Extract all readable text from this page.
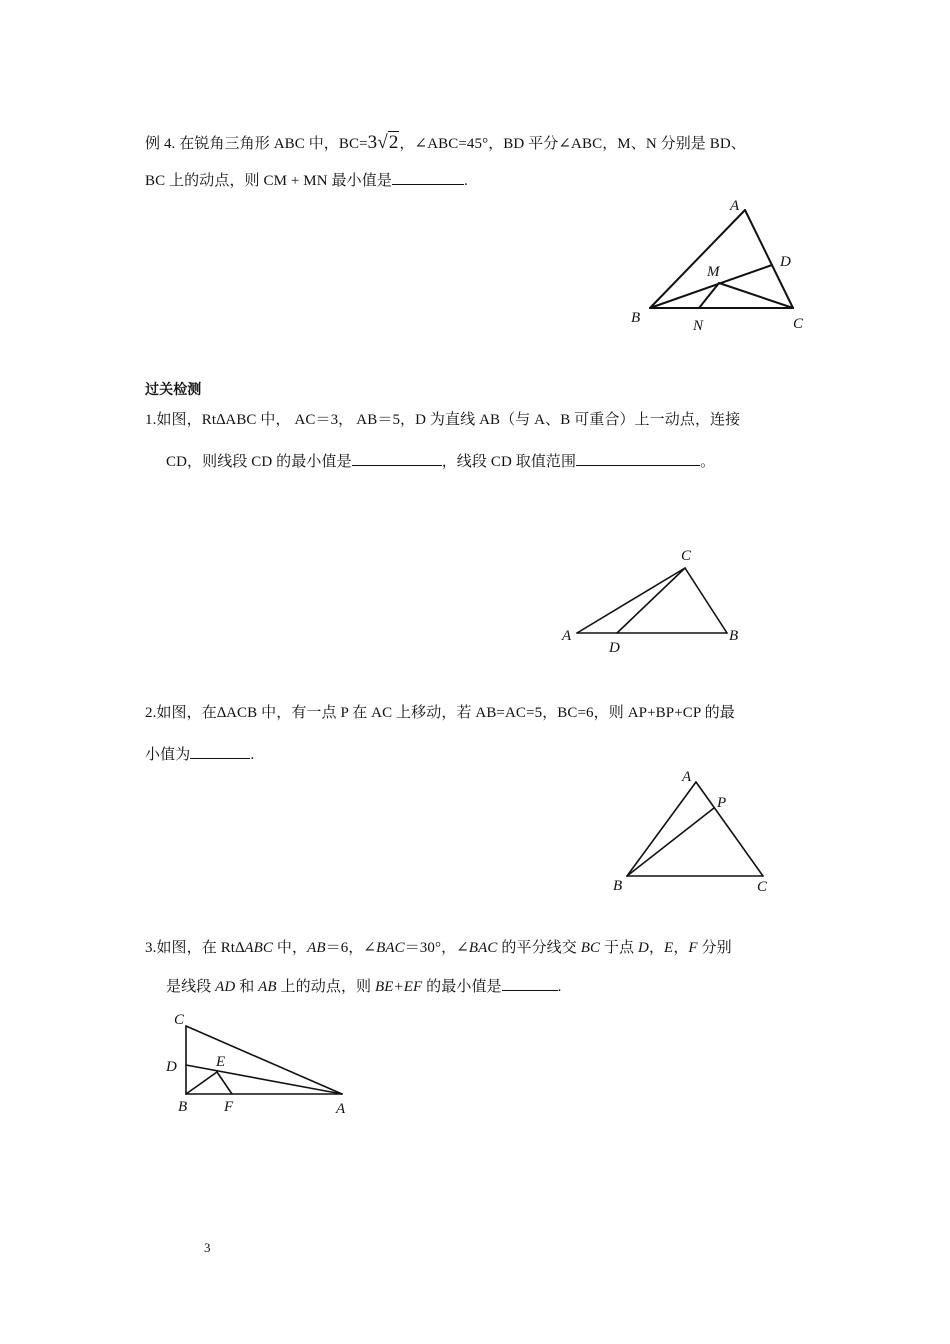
例 4. 在锐角三角形 ABC 中，BC=3√2，∠ABC=45°，BD 平分∠ABC，M、N 分别是 BD、
BC 上的动点，则 CM + MN 最小值是	.
A
B	C
D
M
N
过关检测
1.如图，Rt∆ABC 中， AC＝3， AB＝5，D 为直线 AB（与 A、B 可重合）上一动点，连接
CD，则线段 CD 的最小值是	，线段 CD 取值范围	。
A	B
C
D
2.如图，在∆ACB 中，有一点 P 在 AC 上移动，若 AB=AC=5，BC=6，则 AP+BP+CP 的最
小值为	.
A
B	C
P
3.如图，在 Rt∆ABC 中，AB＝6，∠BAC＝30°，∠BAC 的平分线交 BC 于点 D，E，F 分别
是线段 AD 和 AB 上的动点，则 BE+EF 的最小值是	.
A
B
C
D	E
F
3
